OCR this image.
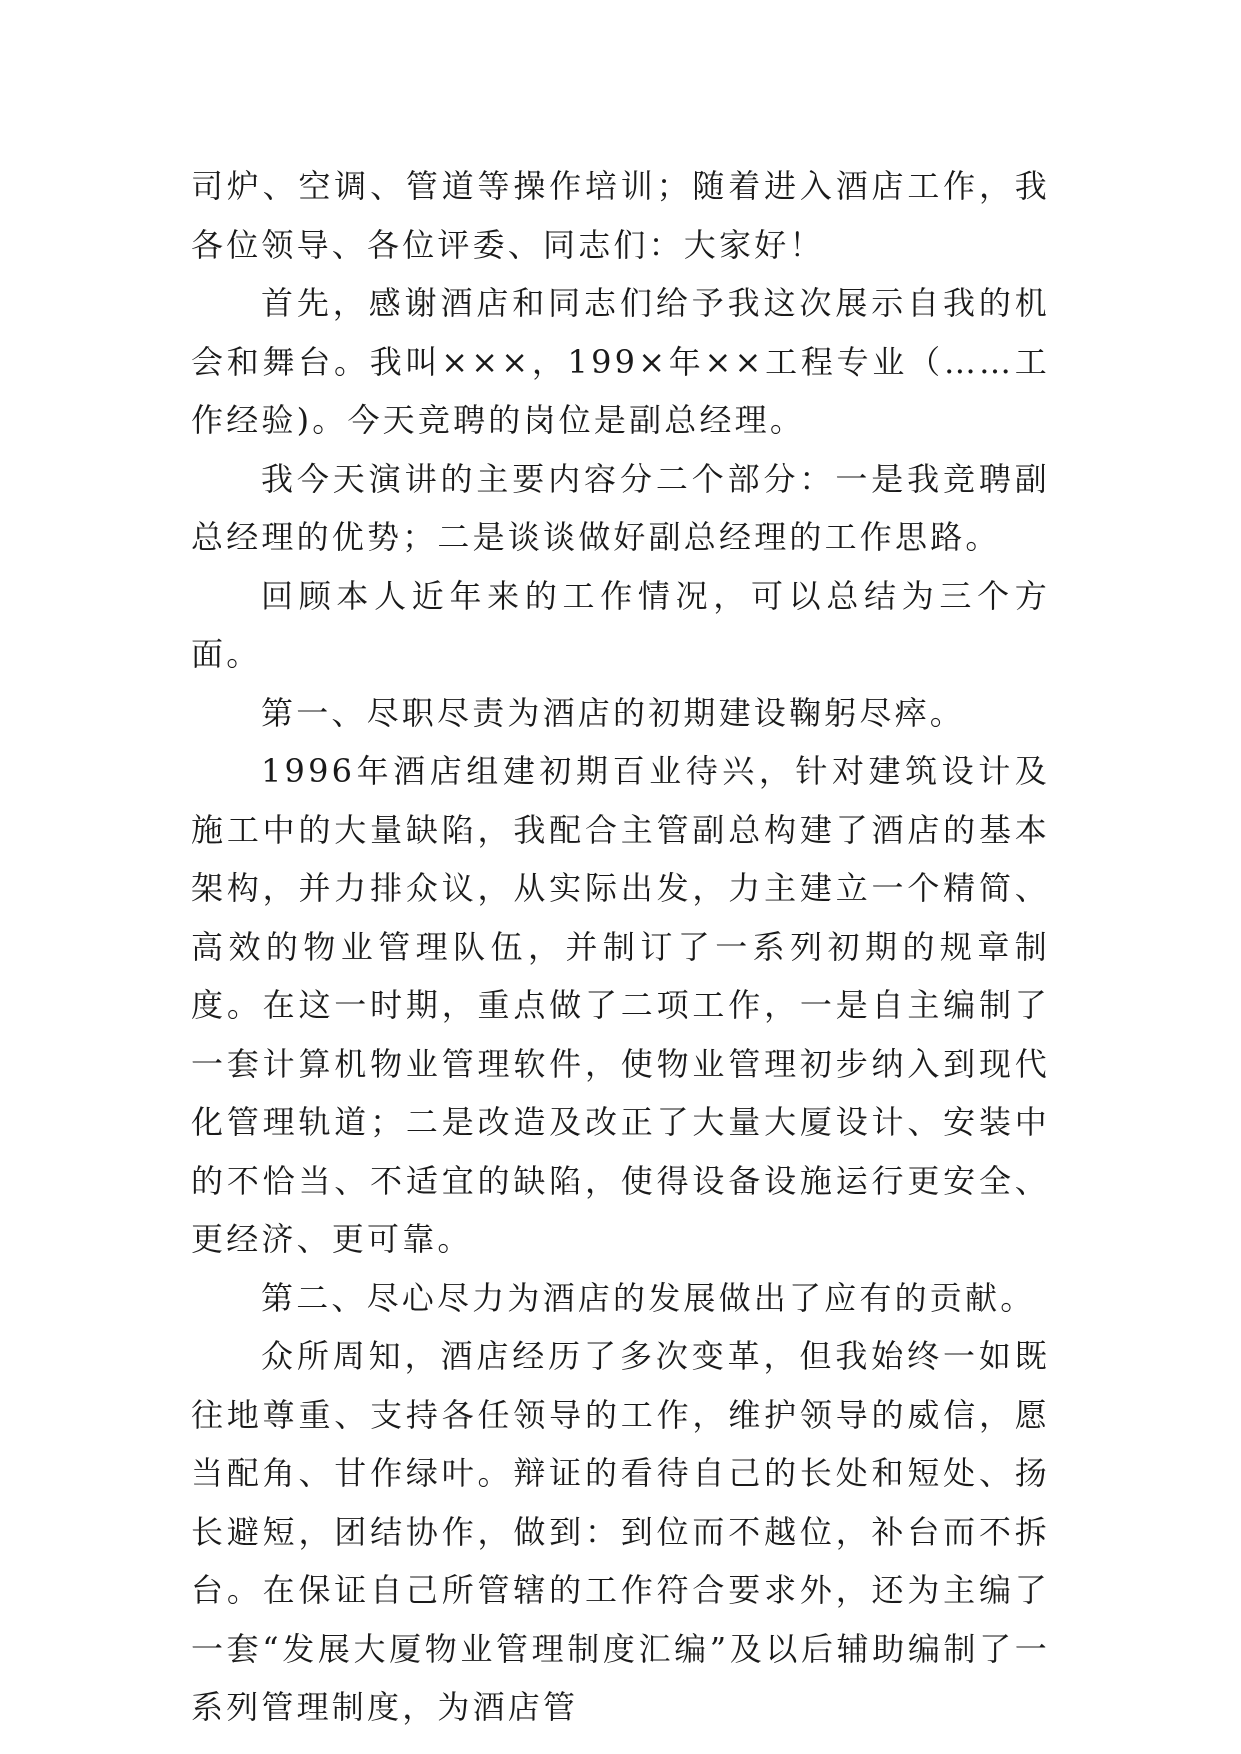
司炉、空调、管道等操作培训；随着进入酒店工作，我各位领导、各位评委、同志们：大家好！

首先，感谢酒店和同志们给予我这次展示自我的机会和舞台。我叫×××，199×年××工程专业（……工作经验)。今天竞聘的岗位是副总经理。

我今天演讲的主要内容分二个部分：一是我竞聘副总经理的优势；二是谈谈做好副总经理的工作思路。

回顾本人近年来的工作情况，可以总结为三个方面。

第一、尽职尽责为酒店的初期建设鞠躬尽瘁。

1996年酒店组建初期百业待兴，针对建筑设计及施工中的大量缺陷，我配合主管副总构建了酒店的基本架构，并力排众议，从实际出发，力主建立一个精简、高效的物业管理队伍，并制订了一系列初期的规章制度。在这一时期，重点做了二项工作，一是自主编制了一套计算机物业管理软件，使物业管理初步纳入到现代化管理轨道；二是改造及改正了大量大厦设计、安装中的不恰当、不适宜的缺陷，使得设备设施运行更安全、更经济、更可靠。

第二、尽心尽力为酒店的发展做出了应有的贡献。

众所周知，酒店经历了多次变革，但我始终一如既往地尊重、支持各任领导的工作，维护领导的威信，愿当配角、甘作绿叶。辩证的看待自己的长处和短处、扬长避短，团结协作，做到：到位而不越位，补台而不拆台。在保证自己所管辖的工作符合要求外，还为主编了一套“发展大厦物业管理制度汇编”及以后辅助编制了一系列管理制度，为酒店管
